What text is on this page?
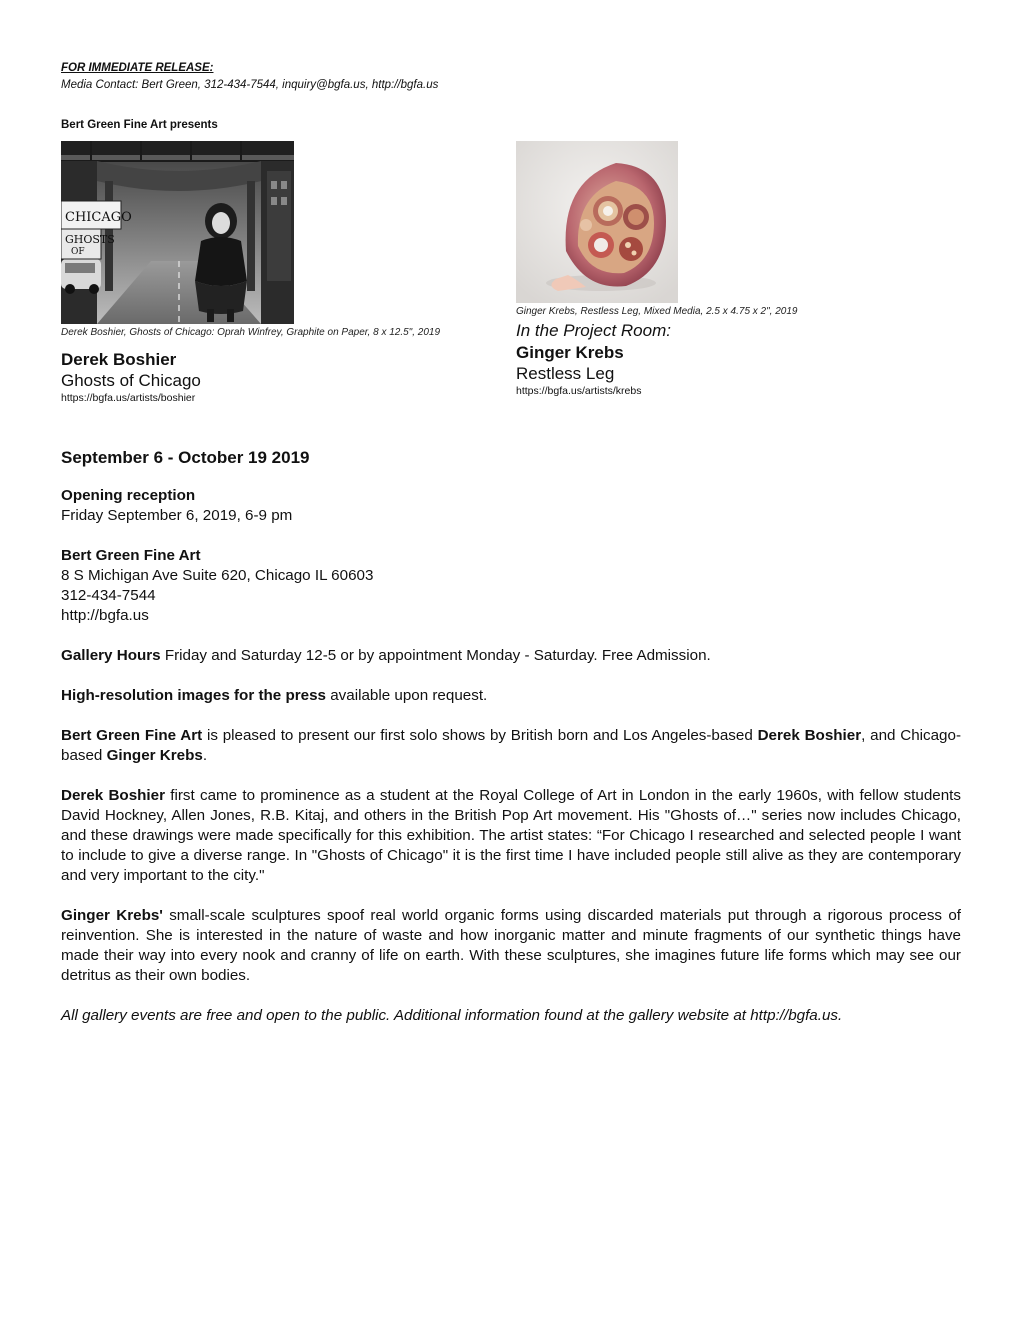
FOR IMMEDIATE RELEASE:
Media Contact: Bert Green, 312-434-7544, inquiry@bgfa.us, http://bgfa.us
Bert Green Fine Art presents
GHOSTS
OF
CHICAGO
Derek Boshier, Ghosts of Chicago: Oprah Winfrey, Graphite on Paper, 8 x 12.5", 2019
Derek Boshier
Ghosts of Chicago
https://bgfa.us/artists/boshier
Ginger Krebs, Restless Leg, Mixed Media, 2.5 x 4.75 x 2", 2019
In the Project Room:
Ginger Krebs
Restless Leg
https://bgfa.us/artists/krebs
September 6 - October 19 2019
Opening reception
Friday September 6, 2019, 6-9 pm
Bert Green Fine Art
8 S Michigan Ave Suite 620, Chicago IL 60603
312-434-7544
http://bgfa.us
Gallery Hours Friday and Saturday 12-5 or by appointment Monday - Saturday. Free Admission.
High-resolution images for the press available upon request.
Bert Green Fine Art is pleased to present our first solo shows by British born and Los Angeles-based Derek Boshier, and Chicago-based Ginger Krebs.
Derek Boshier first came to prominence as a student at the Royal College of Art in London in the early 1960s, with fellow students David Hockney, Allen Jones, R.B. Kitaj, and others in the British Pop Art movement. His "Ghosts of…" series now includes Chicago, and these drawings were made specifically for this exhibition. The artist states: “For Chicago I researched and selected people I want to include to give a diverse range. In "Ghosts of Chicago" it is the first time I have included people still alive as they are contemporary and very important to the city."
Ginger Krebs' small-scale sculptures spoof real world organic forms using discarded materials put through a rigorous process of reinvention. She is interested in the nature of waste and how inorganic matter and minute fragments of our synthetic things have made their way into every nook and cranny of life on earth. With these sculptures, she imagines future life forms which may see our detritus as their own bodies.
All gallery events are free and open to the public. Additional information found at the gallery website at http://bgfa.us.
